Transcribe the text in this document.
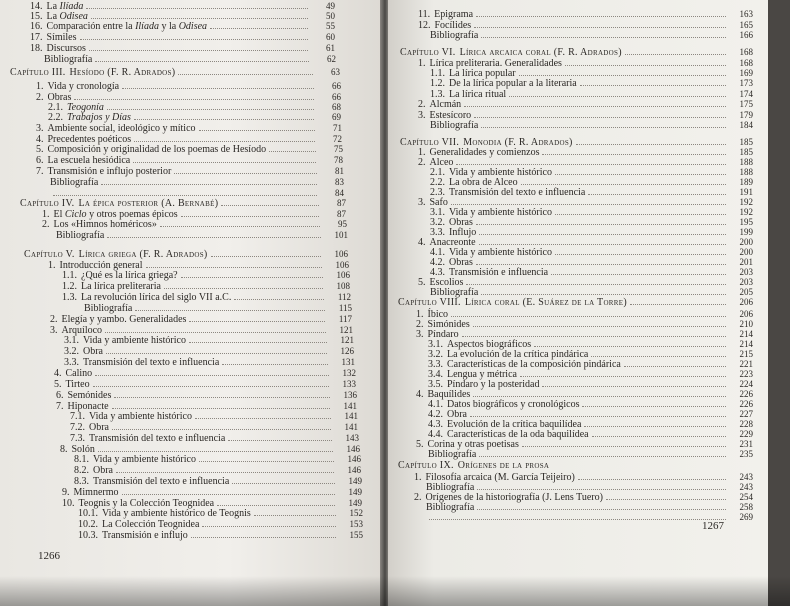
14. La Ilíada	49
15. La Odisea	50
16. Comparación entre la Ilíada y la Odisea	55
17. Símiles	60
18. Discursos	61
Bibliografía	62
Capítulo III. Hesíodo (F. R. Adrados)	63
1. Vida y cronología	66
2. Obras	66
2.1. Teogonía	68
2.2. Trabajos y Días	69
3. Ambiente social, ideológico y mítico	71
4. Precedentes poéticos	72
5. Composición y originalidad de los poemas de Hesíodo	75
6. La escuela hesiódica	78
7. Transmisión e influjo posterior	81
Bibliografía	83
84
Capítulo IV. La épica posterior (A. Bernabé)	87
1. El Ciclo y otros poemas épicos	87
2. Los «Himnos homéricos»	95
Bibliografía	101
Capítulo V. Lírica griega (F. R. Adrados)	106
1. Introducción general	106
1.1. ¿Qué es la lírica griega?	106
1.2. La lírica preliteraria	108
1.3. La revolución lírica del siglo VII a.C.	112
Bibliografía	115
2. Elegía y yambo. Generalidades	117
3. Arquíloco	121
3.1. Vida y ambiente histórico	121
3.2. Obra	126
3.3. Transmisión del texto e influencia	131
4. Calino	132
5. Tirteo	133
6. Semónides	136
7. Hiponacte	141
7.1. Vida y ambiente histórico	141
7.2. Obra	141
7.3. Transmisión del texto e influencia	143
8. Solón	146
8.1. Vida y ambiente histórico	146
8.2. Obra	146
8.3. Transmisión del texto e influencia	149
9. Mimnermo	149
10. Teognis y la Colección Teognidea	149
10.1. Vida y ambiente histórico de Teognis	152
10.2. La Colección Teognidea	153
10.3. Transmisión e influjo	155
1266
11. Epigrama	163
12. Focílides	165
Bibliografía	166
Capítulo VI. Lírica arcaica coral (F. R. Adrados)	168
1. Lírica preliteraria. Generalidades	168
1.1. La lírica popular	169
1.2. De la lírica popular a la literaria	173
1.3. La lírica ritual	174
2. Alcmán	175
3. Estesícoro	179
Bibliografía	184
Capítulo VII. Monodia (F. R. Adrados)	185
1. Generalidades y comienzos	185
2. Alceo	188
2.1. Vida y ambiente histórico	188
2.2. La obra de Alceo	189
2.3. Transmisión del texto e influencia	191
3. Safo	192
3.1. Vida y ambiente histórico	192
3.2. Obras	195
3.3. Influjo	199
4. Anacreonte	200
4.1. Vida y ambiente histórico	200
4.2. Obras	201
4.3. Transmisión e influencia	203
5. Escolios	203
Bibliografía	205
Capítulo VIII. Lírica coral (E. Suárez de la Torre)	206
1. Íbico	206
2. Simónides	210
3. Píndaro	214
3.1. Aspectos biográficos	214
3.2. La evolución de la crítica pindárica	215
3.3. Características de la composición pindárica	221
3.4. Lengua y métrica	223
3.5. Píndaro y la posteridad	224
4. Baquílides	226
4.1. Datos biográficos y cronológicos	226
4.2. Obra	227
4.3. Evolución de la crítica baquilídea	228
4.4. Características de la oda baquilídea	229
5. Corina y otras poetisas	231
Bibliografía	235
Capítulo IX. Orígenes de la prosa
1. Filosofía arcaica (M. García Teijeiro)	243
Bibliografía	243
2. Orígenes de la historiografía (J. Lens Tuero)	254
Bibliografía	258
269
1267
